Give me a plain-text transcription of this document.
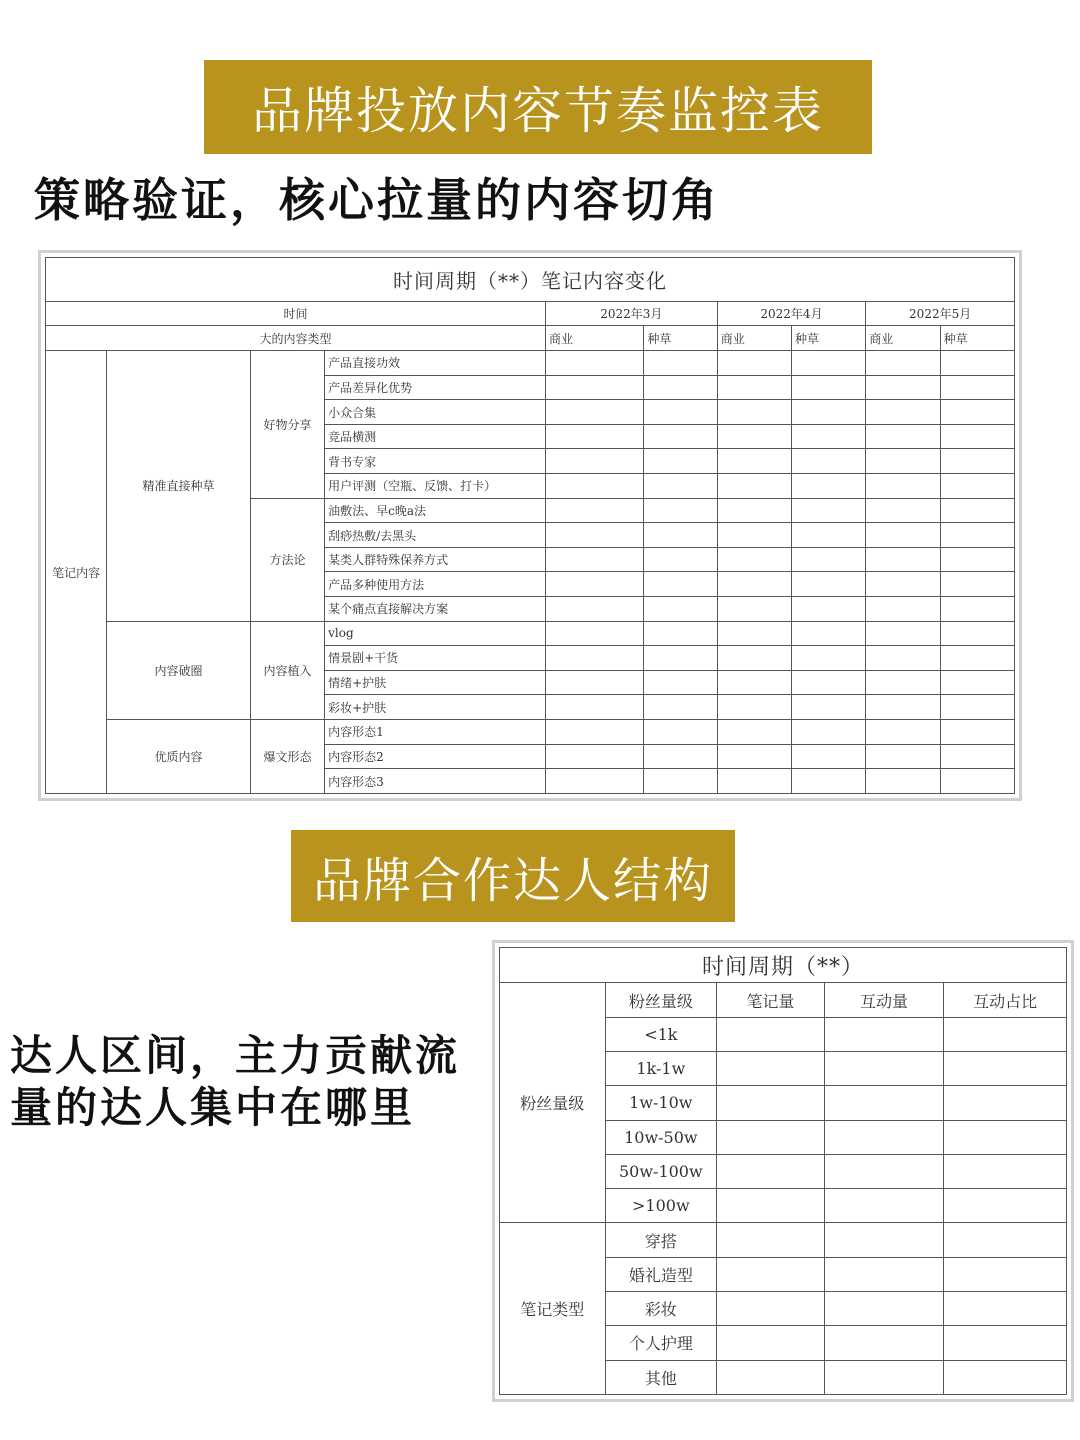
品牌投放内容节奏监控表
策略验证，核心拉量的内容切角
时间周期（**）笔记内容变化									
时间				2022年3月		2022年4月		2022年5月	
大的内容类型				商业	种草	商业	种草	商业	种草
笔记内容	精准直接种草	好物分享	产品直接功效						
			产品差异化优势						
			小众合集						
			竞品横测						
			背书专家						
			用户评测（空瓶、反馈、打卡）						
		方法论	油敷法、早c晚a法						
			刮痧热敷/去黑头						
			某类人群特殊保养方式						
			产品多种使用方法						
			某个痛点直接解决方案						
	内容破圈	内容植入	vlog						
			情景剧+干货						
			情绪+护肤						
			彩妆+护肤						
	优质内容	爆文形态	内容形态1						
			内容形态2						
			内容形态3						
品牌合作达人结构
达人区间，主力贡献流量的达人集中在哪里
时间周期（**）				
粉丝量级	粉丝量级	笔记量	互动量	互动占比
	<1k			
	1k-1w			
	1w-10w			
	10w-50w			
	50w-100w			
	>100w			
笔记类型	穿搭			
	婚礼造型			
	彩妆			
	个人护理			
	其他			
